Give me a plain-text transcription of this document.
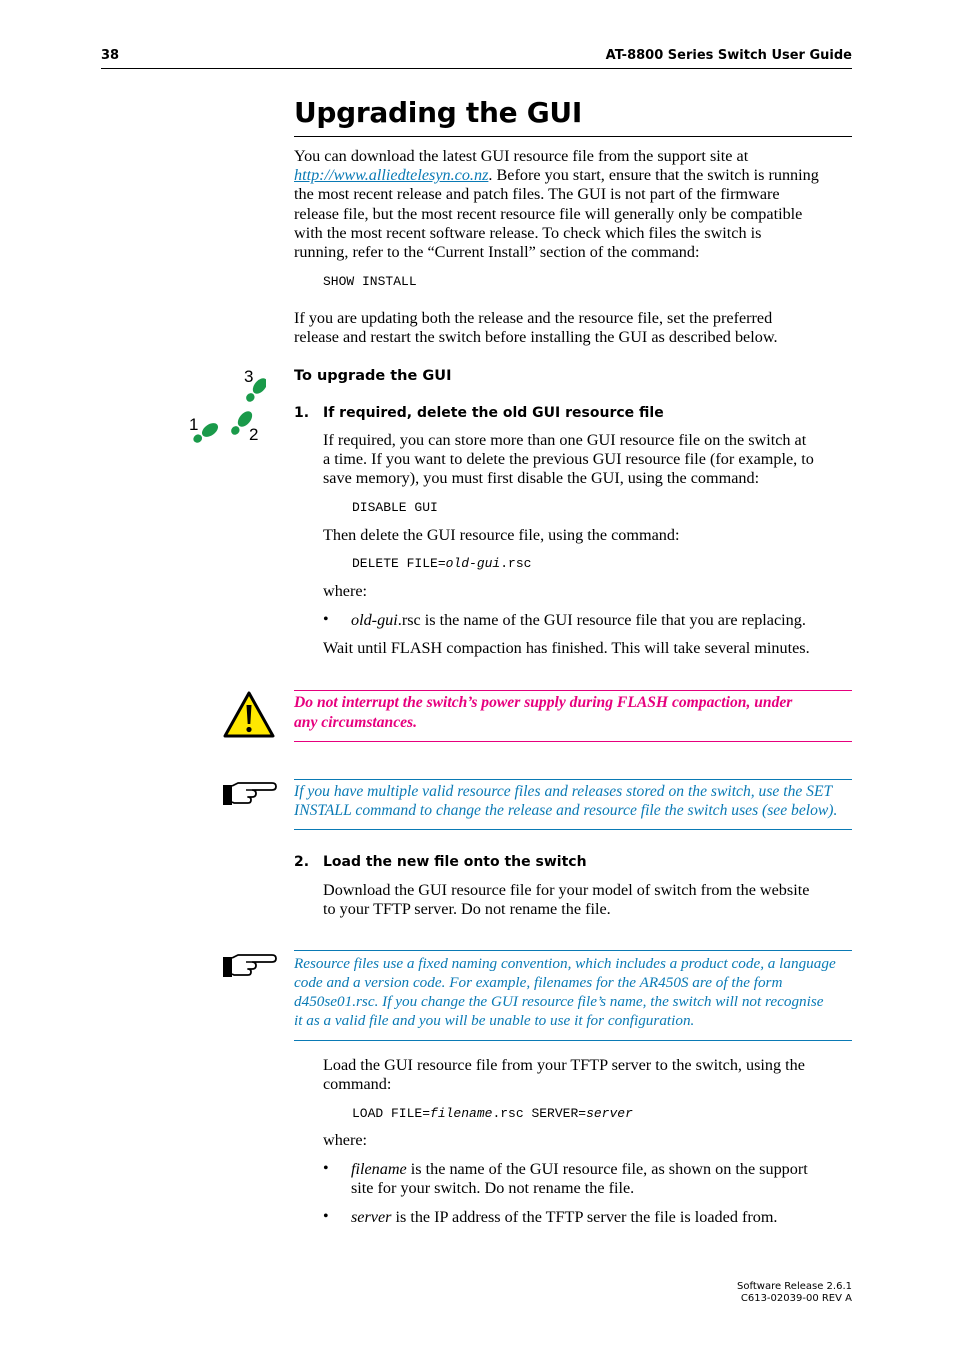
38	AT-8800 Series Switch User Guide
Upgrading the GUI
You can download the latest GUI resource file from the support site at
http://www.alliedtelesyn.co.nz. Before you start, ensure that the switch is running
the most recent release and patch files. The GUI is not part of the firmware
release file, but the most recent resource file will generally only be compatible
with the most recent software release. To check which files the switch is
running, refer to the “Current Install” section of the command:
SHOW INSTALL
If you are updating both the release and the resource file, set the preferred
release and restart the switch before installing the GUI as described below.
3
1
2
To upgrade the GUI
1. If required, delete the old GUI resource file
If required, you can store more than one GUI resource file on the switch at
a time. If you want to delete the previous GUI resource file (for example, to
save memory), you must first disable the GUI, using the command:
DISABLE GUI
Then delete the GUI resource file, using the command:
DELETE FILE=old-gui.rsc
where:
• old-gui.rsc is the name of the GUI resource file that you are replacing.
Wait until FLASH compaction has finished. This will take several minutes.
Do not interrupt the switch’s power supply during FLASH compaction, under
any circumstances.
If you have multiple valid resource files and releases stored on the switch, use the SET
INSTALL command to change the release and resource file the switch uses (see below).
2. Load the new file onto the switch
Download the GUI resource file for your model of switch from the website
to your TFTP server. Do not rename the file.
Resource files use a fixed naming convention, which includes a product code, a language
code and a version code. For example, filenames for the AR450S are of the form
d450se01.rsc. If you change the GUI resource file’s name, the switch will not recognise
it as a valid file and you will be unable to use it for configuration.
Load the GUI resource file from your TFTP server to the switch, using the
command:
LOAD FILE=filename.rsc SERVER=server
where:
• filename is the name of the GUI resource file, as shown on the support
site for your switch. Do not rename the file.
• server is the IP address of the TFTP server the file is loaded from.
Software Release 2.6.1
C613-02039-00 REV A
